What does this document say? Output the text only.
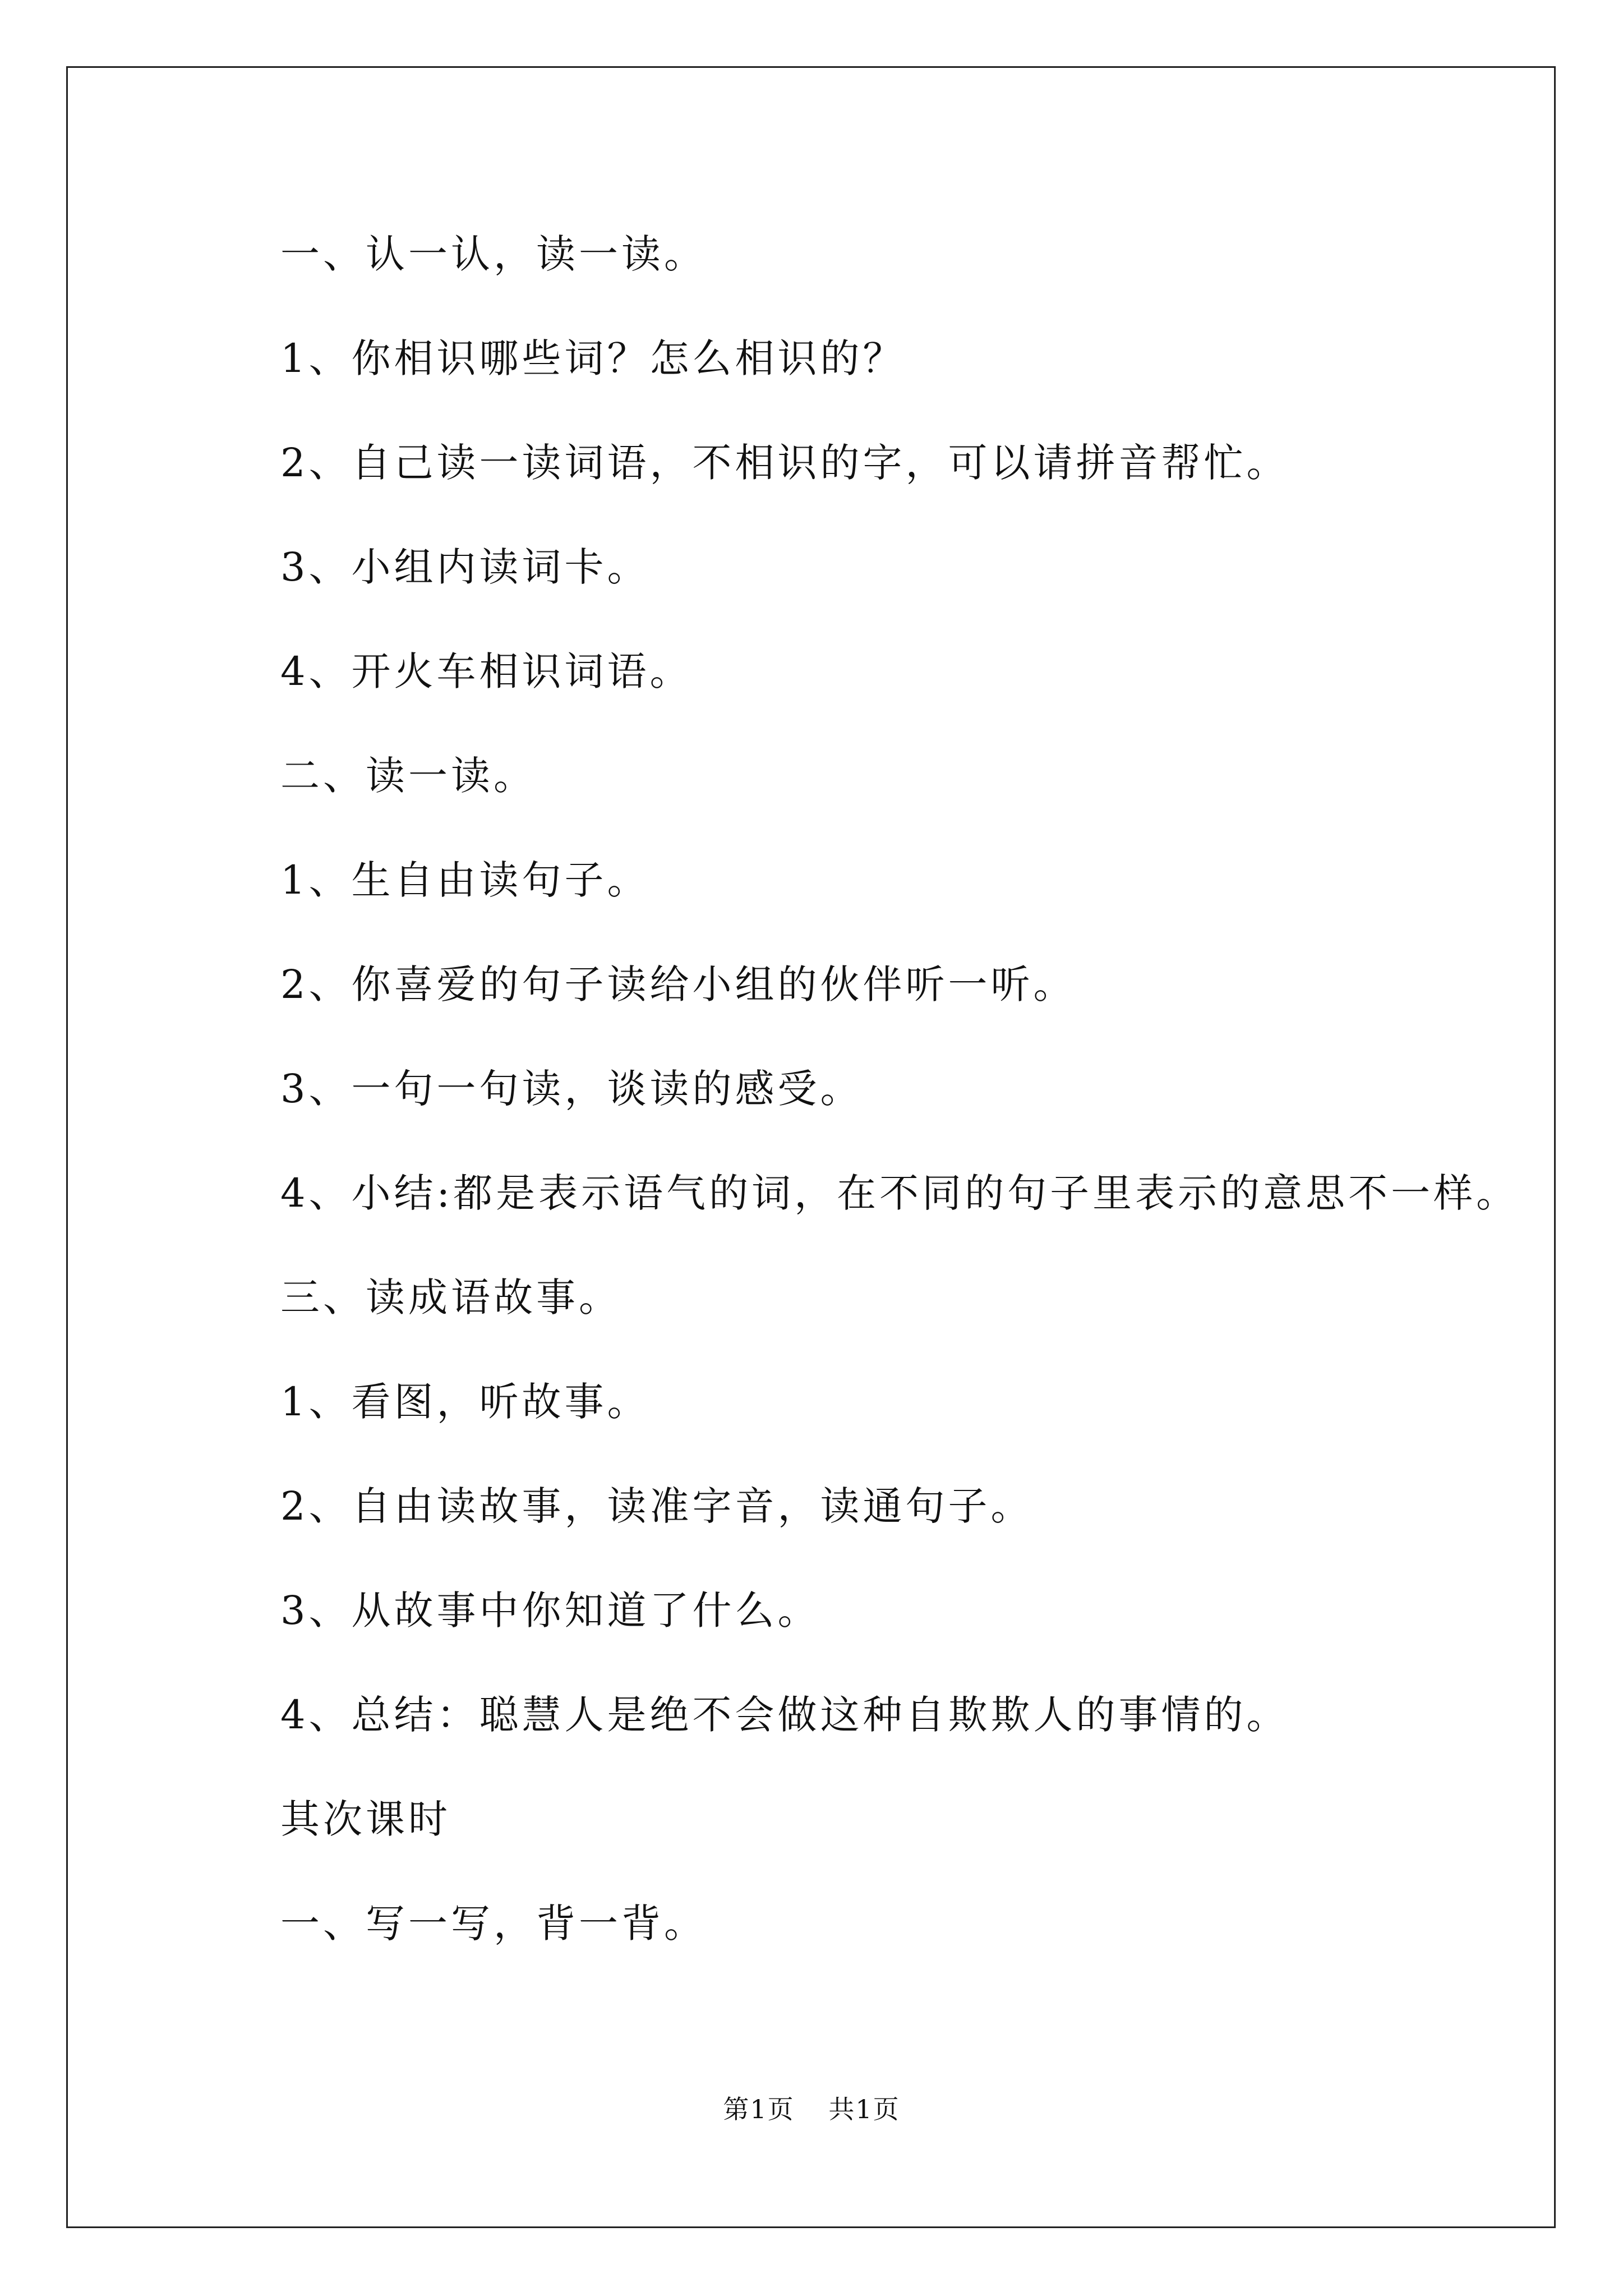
一、认一认，读一读。
1、你相识哪些词？怎么相识的？
2、自己读一读词语，不相识的字，可以请拼音帮忙。
3、小组内读词卡。
4、开火车相识词语。
二、读一读。
1、生自由读句子。
2、你喜爱的句子读给小组的伙伴听一听。
3、一句一句读，谈读的感受。
4、小结:都是表示语气的词，在不同的句子里表示的意思不一样。
三、读成语故事。
1、看图，听故事。
2、自由读故事，读准字音，读通句子。
3、从故事中你知道了什么。
4、总结：聪慧人是绝不会做这种自欺欺人的事情的。
其次课时
一、写一写，背一背。
第1页 共1页
